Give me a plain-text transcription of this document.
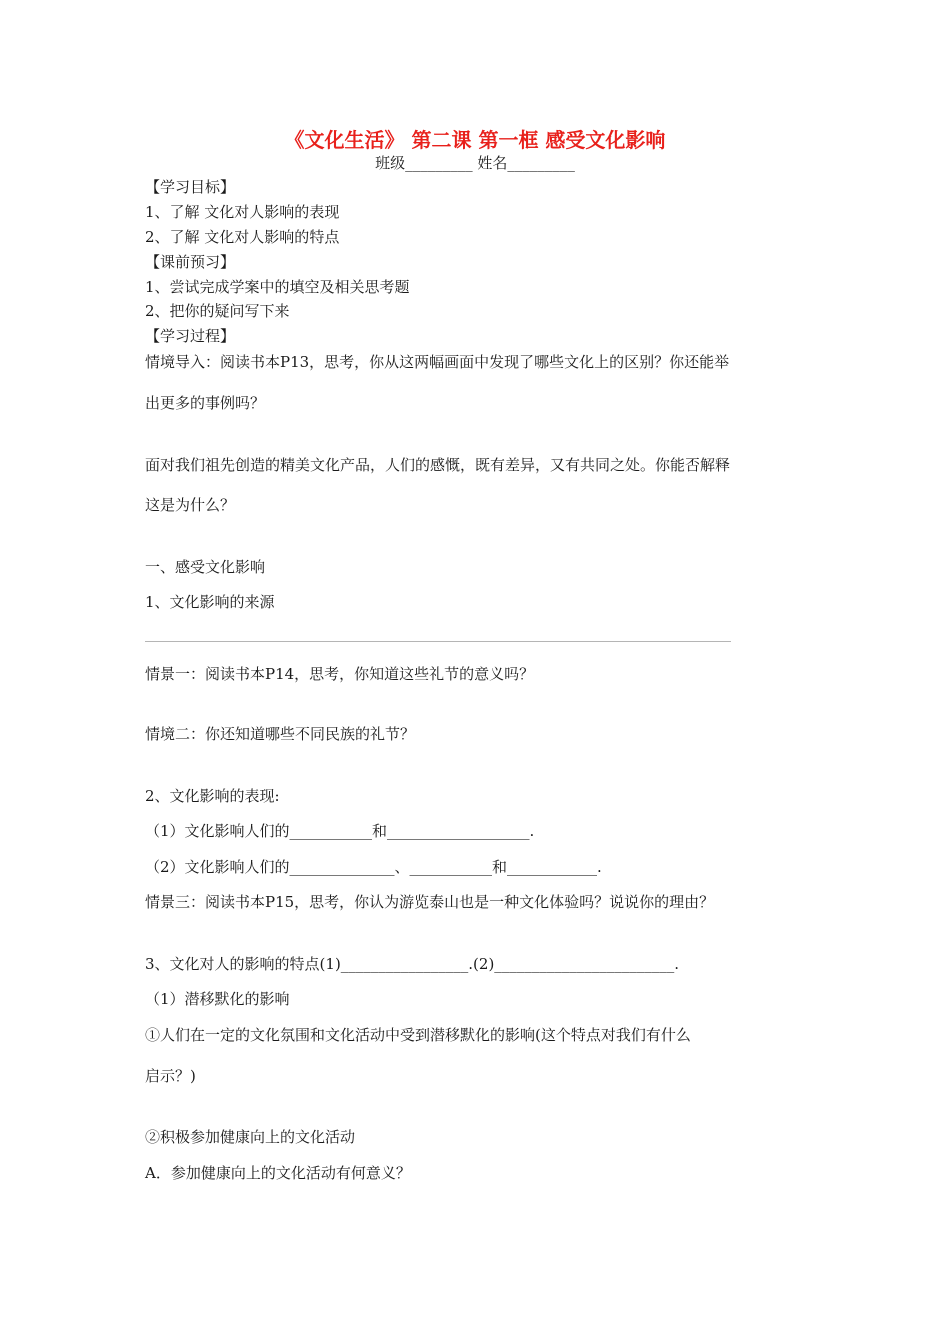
《文化生活》 第二课 第一框 感受文化影响
班级_________ 姓名_________
【学习目标】
1、了解 文化对人影响的表现
2、了解 文化对人影响的特点
【课前预习】
1、尝试完成学案中的填空及相关思考题
2、把你的疑问写下来
【学习过程】
情境导入：阅读书本P13，思考，你从这两幅画面中发现了哪些文化上的区别？你还能举
出更多的事例吗？
面对我们祖先创造的精美文化产品，人们的感慨，既有差异，又有共同之处。你能否解释
这是为什么？
一、感受文化影响
1、文化影响的来源
情景一：阅读书本P14，思考，你知道这些礼节的意义吗？
情境二：你还知道哪些不同民族的礼节？
2、文化影响的表现:
（1）文化影响人们的___________和___________________.
（2）文化影响人们的______________、___________和____________.
情景三：阅读书本P15，思考，你认为游览泰山也是一种文化体验吗？说说你的理由？
3、文化对人的影响的特点(1)_________________.(2)________________________.
（1）潜移默化的影响
①人们在一定的文化氛围和文化活动中受到潜移默化的影响(这个特点对我们有什么
启示？)
②积极参加健康向上的文化活动
A．参加健康向上的文化活动有何意义？
